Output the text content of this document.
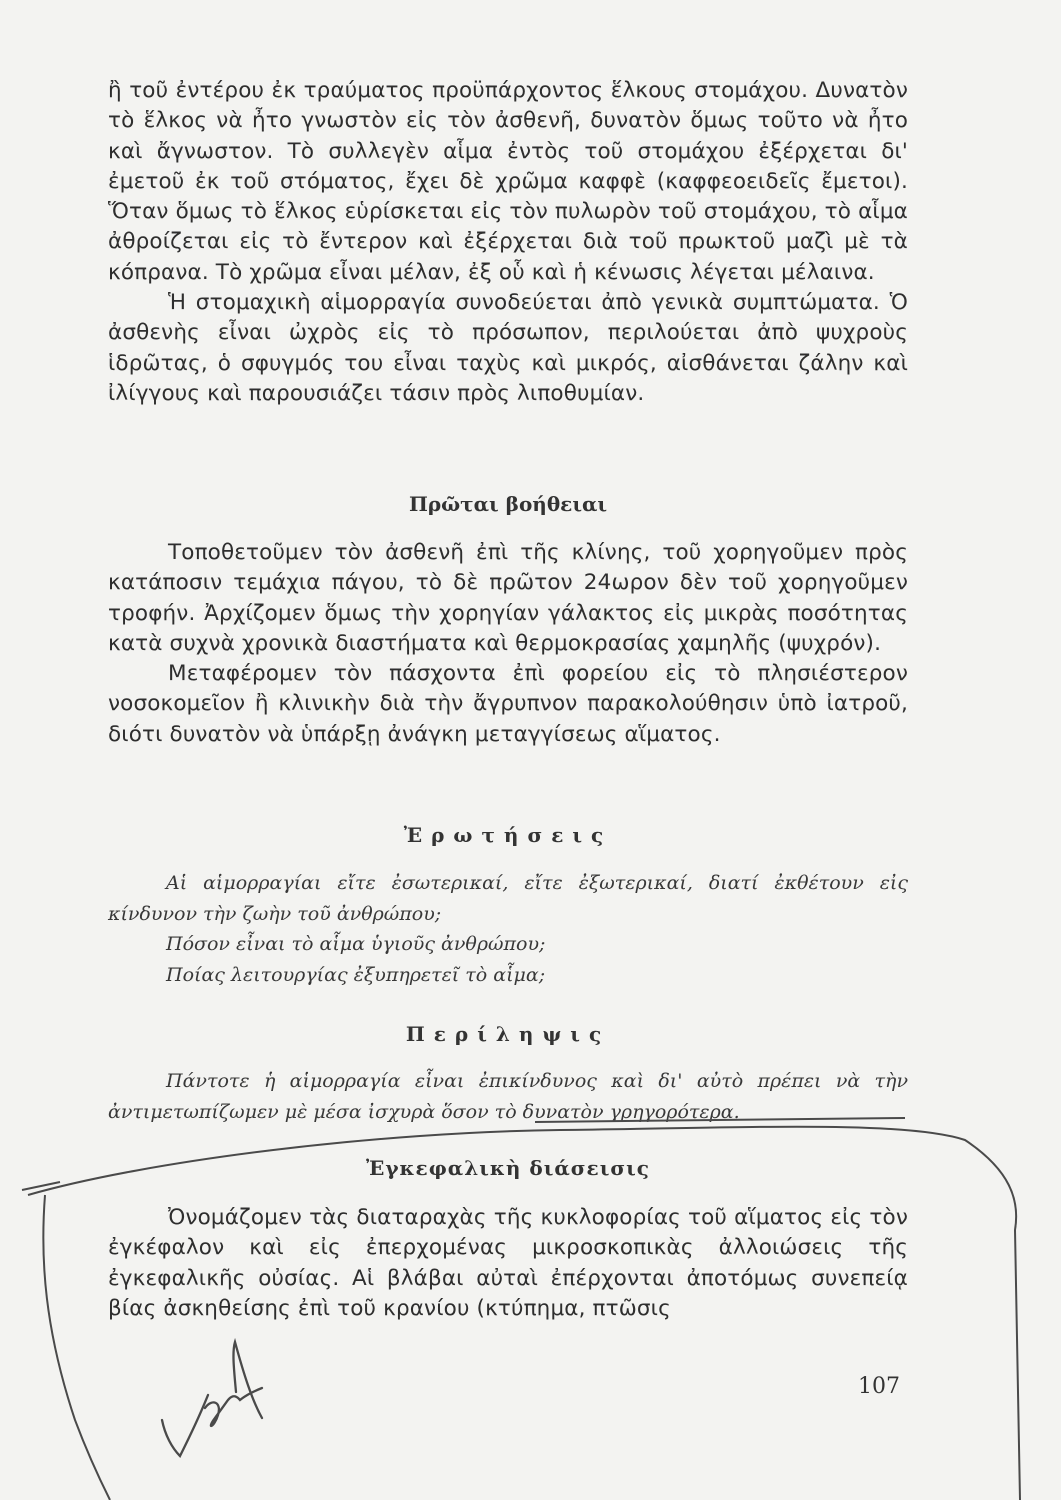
ἢ τοῦ ἐντέρου ἐκ τραύματος προϋπάρχοντος ἕλκους στομάχου. Δυνατὸν τὸ ἕλκος νὰ ἦτο γνωστὸν εἰς τὸν ἀσθενῆ, δυνατὸν ὅμως τοῦτο νὰ ἦτο καὶ ἄγνωστον. Τὸ συλλεγὲν αἷμα ἐντὸς τοῦ στομάχου ἐξέρχεται δι' ἐμετοῦ ἐκ τοῦ στόματος, ἔχει δὲ χρῶμα καφφὲ (καφφεοειδεῖς ἔμετοι). Ὅταν ὅμως τὸ ἕλκος εὑρίσκεται εἰς τὸν πυλωρὸν τοῦ στομάχου, τὸ αἷμα ἀθροίζεται εἰς τὸ ἔντερον καὶ ἐξέρχεται διὰ τοῦ πρωκτοῦ μαζὶ μὲ τὰ κόπρανα. Τὸ χρῶμα εἶναι μέλαν, ἐξ οὗ καὶ ἡ κένωσις λέγεται μέλαινα.

Ἡ στομαχικὴ αἱμορραγία συνοδεύεται ἀπὸ γενικὰ συμπτώματα. Ὁ ἀσθενὴς εἶναι ὠχρὸς εἰς τὸ πρόσωπον, περιλούεται ἀπὸ ψυχροὺς ἱδρῶτας, ὁ σφυγμός του εἶναι ταχὺς καὶ μικρός, αἰσθάνεται ζάλην καὶ ἰλίγγους καὶ παρουσιάζει τάσιν πρὸς λιποθυμίαν.

Πρῶται βοήθειαι

Τοποθετοῦμεν τὸν ἀσθενῆ ἐπὶ τῆς κλίνης, τοῦ χορηγοῦμεν πρὸς κατάποσιν τεμάχια πάγου, τὸ δὲ πρῶτον 24ωρον δὲν τοῦ χορηγοῦμεν τροφήν. Ἀρχίζομεν ὅμως τὴν χορηγίαν γάλακτος εἰς μικρὰς ποσότητας κατὰ συχνὰ χρονικὰ διαστήματα καὶ θερμοκρασίας χαμηλῆς (ψυχρόν).

Μεταφέρομεν τὸν πάσχοντα ἐπὶ φορείου εἰς τὸ πλησιέστερον νοσοκομεῖον ἢ κλινικὴν διὰ τὴν ἄγρυπνον παρακολούθησιν ὑπὸ ἰατροῦ, διότι δυνατὸν νὰ ὑπάρξῃ ἀνάγκη μεταγγίσεως αἵματος.

Ἐρωτήσεις

Αἱ αἱμορραγίαι εἴτε ἐσωτερικαί, εἴτε ἐξωτερικαί, διατί ἐκθέτουν εἰς κίνδυνον τὴν ζωὴν τοῦ ἀνθρώπου;

Πόσον εἶναι τὸ αἷμα ὑγιοῦς ἀνθρώπου;

Ποίας λειτουργίας ἐξυπηρετεῖ τὸ αἷμα;

Περίληψις

Πάντοτε ἡ αἱμορραγία εἶναι ἐπικίνδυνος καὶ δι' αὐτὸ πρέπει νὰ τὴν ἀντιμετωπίζωμεν μὲ μέσα ἰσχυρὰ ὅσον τὸ δυνατὸν γρηγορότερα.

Ἐγκεφαλικὴ διάσεισις

Ὀνομάζομεν τὰς διαταραχὰς τῆς κυκλοφορίας τοῦ αἵματος εἰς τὸν ἐγκέφαλον καὶ εἰς ἐπερχομένας μικροσκοπικὰς ἀλλοιώσεις τῆς ἐγκεφαλικῆς οὐσίας. Αἱ βλάβαι αὐταὶ ἐπέρχονται ἀποτόμως συνεπείᾳ βίας ἀσκηθείσης ἐπὶ τοῦ κρανίου (κτύπημα, πτῶσις

107
